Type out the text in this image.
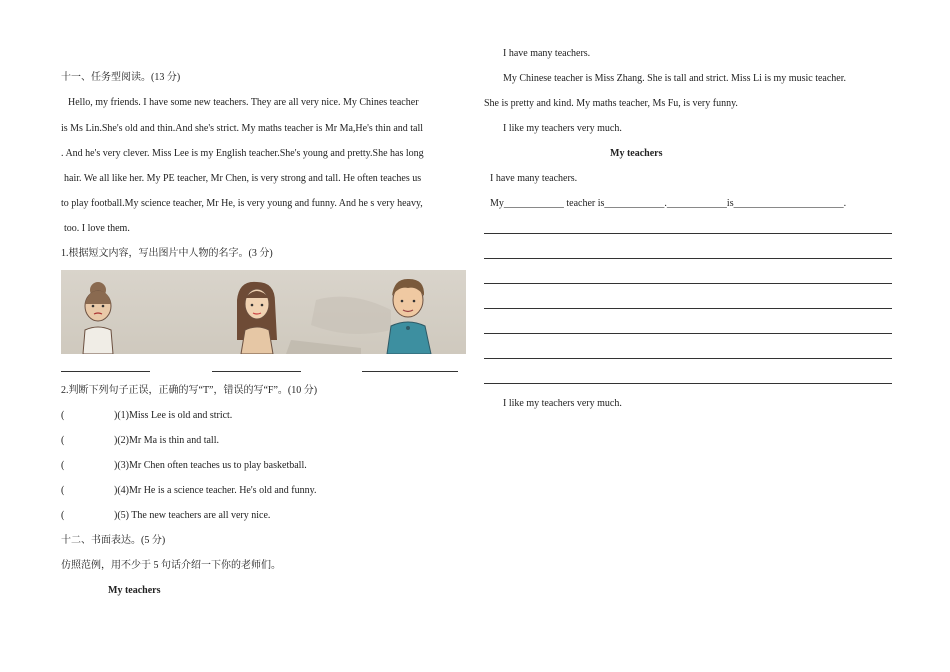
十一、任务型阅读。(13 分)
Hello, my friends. I have some new teachers. They are all very nice. My Chines teacher
is Ms Lin.She's old and thin.And she's strict. My maths teacher is Mr Ma,He's thin and tall
. And he's very clever. Miss Lee is my English teacher.She's young and pretty.She has long
hair. We all like her. My PE teacher, Mr Chen, is very strong and tall. He often teaches us
to play football.My science teacher, Mr He, is very young and funny. And he s very heavy,
too. I love them.
1.根据短文内容，写出图片中人物的名字。(3 分)
2.判断下列句子正误，正确的写“T”，错误的写“F”。(10 分)
(	)(1)Miss Lee is old and strict.
(	)(2)Mr Ma is thin and tall.
(	)(3)Mr Chen often teaches us to play basketball.
(	)(4)Mr He is a science teacher. He's old and funny.
(	)(5) The new teachers are all very nice.
十二、书面表达。(5 分)
仿照范例，用不少于 5 句话介绍一下你的老师们。
My teachers
I have many teachers.
My Chinese teacher is Miss Zhang. She is tall and strict. Miss Li is my music teacher.
She is pretty and kind. My maths teacher, Ms Fu, is very funny.
I like my teachers very much.
My teachers
I have many teachers.
My____________ teacher is____________.____________is______________________.
I like my teachers very much.
